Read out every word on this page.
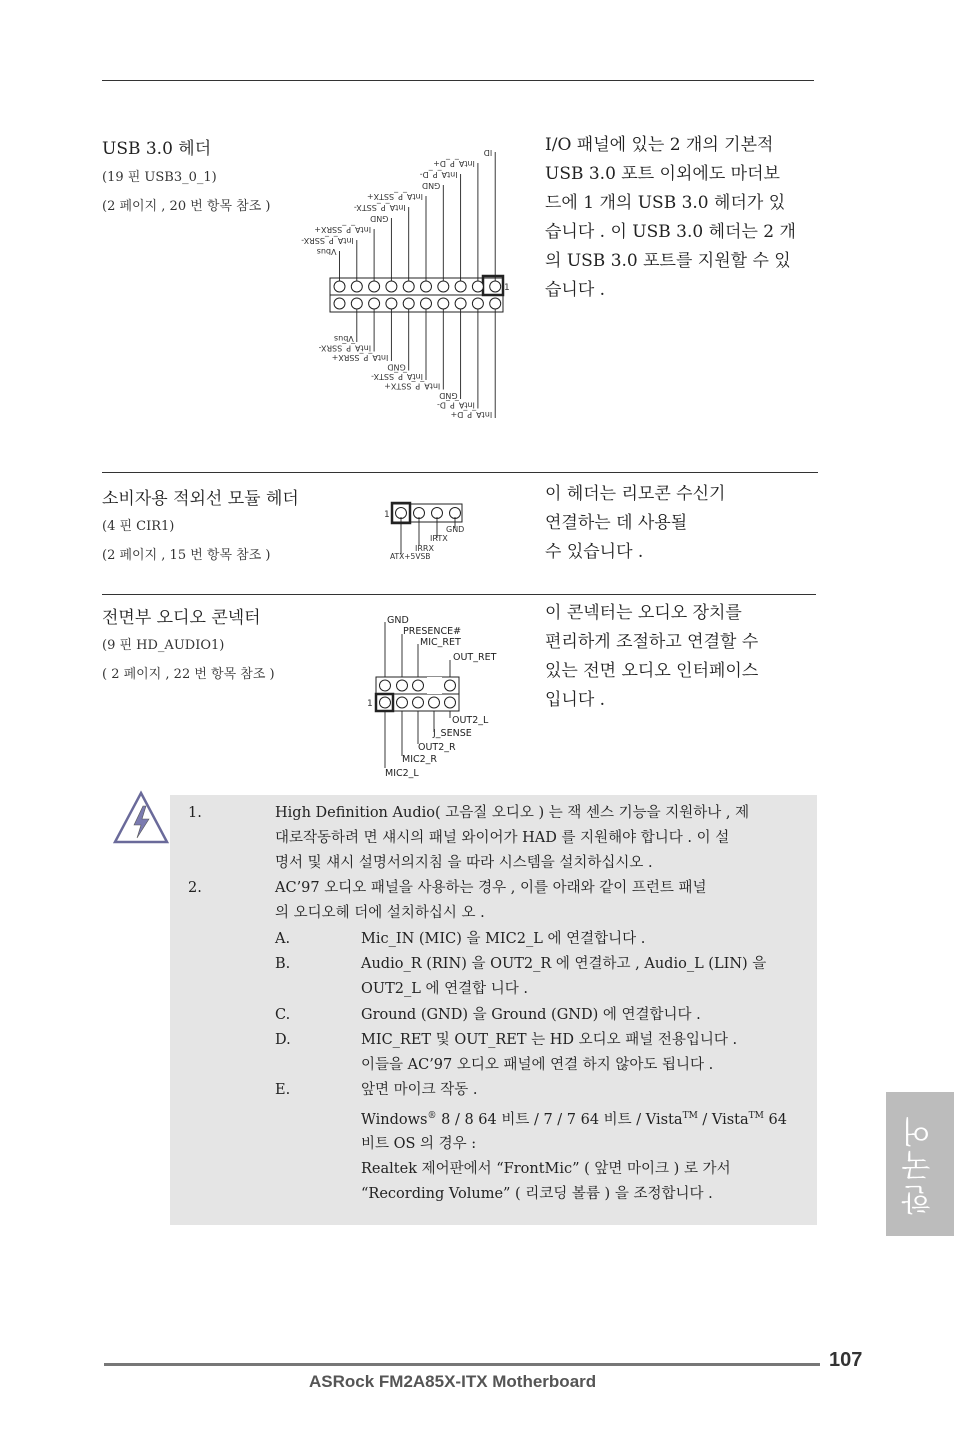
USB 3.0 헤더
(19 핀 USB3_0_1)
(2 페이지 , 20 번 항목 참조 )
I/O 패널에 있는 2 개의 기본적
USB 3.0 포트 이외에도 마더보
드에 1 개의 USB 3.0 헤더가 있
습니다 . 이 USB 3.0 헤더는 2 개
의 USB 3.0 포트를 지원할 수 있
습니다 .
ID
IntA_P_D+
IntA_P_D-
GND
IntA_P_SSTX+
IntA_P_SSTX-
GND
IntA_P_SSRX+
IntA_P_SSRX-
Vbus
Vbus
IntA_P_SSRX-
IntA_P_SSRX+
GND
IntA_P_SSTX-
IntA_P_SSTX+
GND
IntA_P_D-
IntA_P_D+
1
소비자용 적외선 모듈 헤더
(4 핀 CIR1)
(2 페이지 , 15 번 항목 참조 )
이 헤더는 리모콘 수신기
연결하는 데 사용될
수 있습니다 .
1
GND
IRTX
IRRX
ATX+5VSB
전면부 오디오 콘넥터
(9 핀 HD_AUDIO1)
( 2 페이지 , 22 번 항목 참조 )
이 콘넥터는 오디오 장치를
편리하게 조절하고 연결할 수
있는 전면 오디오 인터페이스
입니다 .
1
GND
PRESENCE#
MIC_RET
OUT_RET
OUT2_L
J_SENSE
OUT2_R
MIC2_R
MIC2_L
1.	High Definition Audio( 고음질 오디오 ) 는 잭 센스 기능을 지원하나 , 제
대로작동하려 면 섀시의 패널 와이어가 HAD 를 지원해야 합니다 . 이 설
명서 및 섀시 설명서의지침 을 따라 시스템을 설치하십시오 .
2.	AC’97 오디오 패널을 사용하는 경우 , 이를 아래와 같이 프런트 패널
의 오디오헤 더에 설치하십시 오 .
A.	Mic_IN (MIC) 을 MIC2_L 에 연결합니다 .
B.	Audio_R (RIN) 을 OUT2_R 에 연결하고 , Audio_L (LIN) 을
OUT2_L 에 연결합 니다 .
C.	Ground (GND) 을 Ground (GND) 에 연결합니다 .
D.	MIC_RET 및 OUT_RET 는 HD 오디오 패널 전용입니다 .
이들을 AC’97 오디오 패널에 연결 하지 않아도 됩니다 .
E.	앞면 마이크 작동 .
Windows® 8 / 8 64 비트 / 7 / 7 64 비트 / Vista™ / Vista™ 64
비트 OS 의 경우 :
Realtek 제어판에서 “FrontMic” ( 앞면 마이크 ) 로 가서
“Recording Volume” ( 리코딩 볼륨 ) 을 조정합니다 .	한국어
107
ASRock FM2A85X-ITX Motherboard
